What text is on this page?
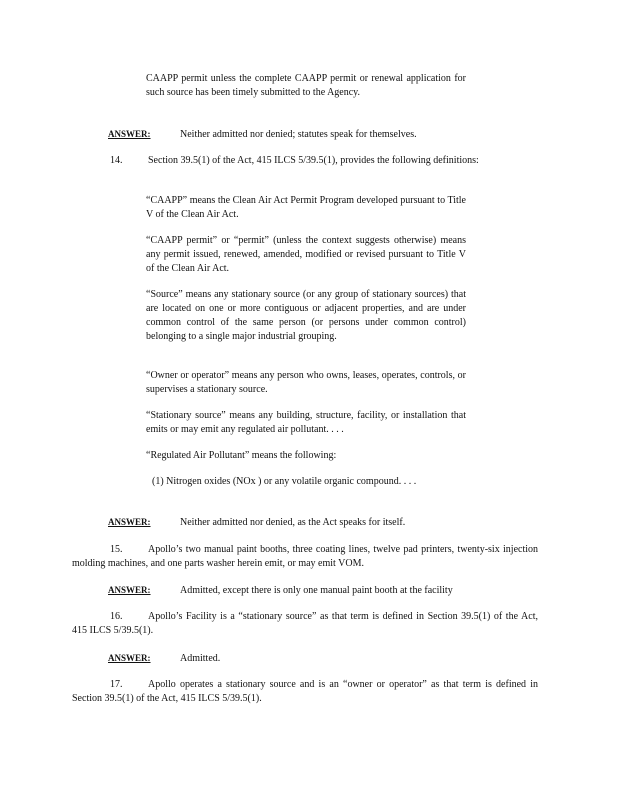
CAAPP permit unless the complete CAAPP permit or renewal application for such source has been timely submitted to the Agency.

ANSWER:	Neither admitted nor denied; statutes speak for themselves.

14.	Section 39.5(1) of the Act, 415 ILCS 5/39.5(1), provides the following definitions:

“CAAPP” means the Clean Air Act Permit Program developed pursuant to Title V of the Clean Air Act.

“CAAPP permit” or “permit” (unless the context suggests otherwise) means any permit issued, renewed, amended, modified or revised pursuant to Title V of the Clean Air Act.

“Source” means any stationary source (or any group of stationary sources) that are located on one or more contiguous or adjacent properties, and are under common control of the same person (or persons under common control) belonging to a single major industrial grouping.

“Owner or operator” means any person who owns, leases, operates, controls, or supervises a stationary source.

“Stationary source” means any building, structure, facility, or installation that emits or may emit any regulated air pollutant. . . .

“Regulated Air Pollutant” means the following:

(1) Nitrogen oxides (NOx ) or any volatile organic compound. . . .

ANSWER:	Neither admitted nor denied, as the Act speaks for itself.

15.	Apollo’s two manual paint booths, three coating lines, twelve pad printers, twenty-six injection molding machines, and one parts washer herein emit, or may emit VOM.

ANSWER:	Admitted, except there is only one manual paint booth at the facility

16.	Apollo’s Facility is a “stationary source” as that term is defined in Section 39.5(1) of the Act, 415 ILCS 5/39.5(1).

ANSWER:	Admitted.

17.	Apollo operates a stationary source and is an “owner or operator” as that term is defined in Section 39.5(1) of the Act, 415 ILCS 5/39.5(1).
